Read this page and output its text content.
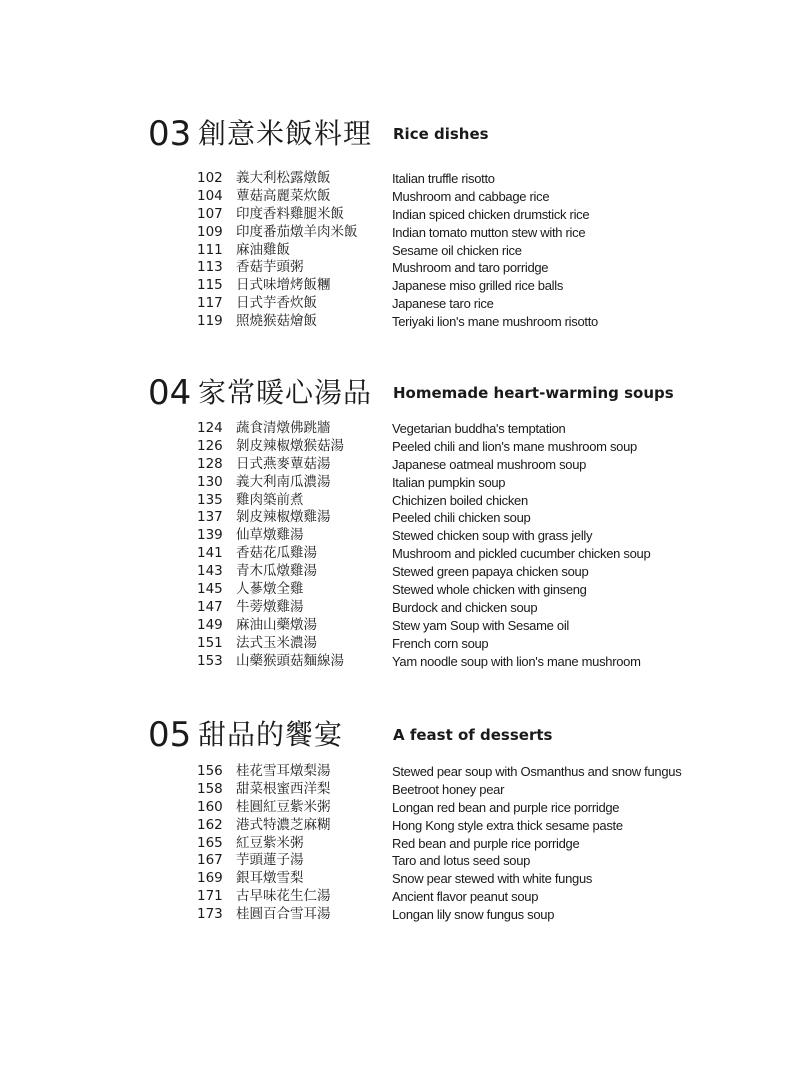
03 創意米飯料理 Rice dishes
102 義大利松露燉飯	Italian truffle risotto
104 蕈菇高麗菜炊飯	Mushroom and cabbage rice
107 印度香料雞腿米飯	Indian spiced chicken drumstick rice
109 印度番茄燉羊肉米飯	Indian tomato mutton stew with rice
111 麻油雞飯	Sesame oil chicken rice
113 香菇芋頭粥	Mushroom and taro porridge
115 日式味增烤飯糰	Japanese miso grilled rice balls
117 日式芋香炊飯	Japanese taro rice
119 照燒猴菇燴飯	Teriyaki lion's mane mushroom risotto
04 家常暖心湯品 Homemade heart-warming soups
124 蔬食清燉佛跳牆	Vegetarian buddha's temptation
126 剝皮辣椒燉猴菇湯	Peeled chili and lion's mane mushroom soup
128 日式燕麥蕈菇湯	Japanese oatmeal mushroom soup
130 義大利南瓜濃湯	Italian pumpkin soup
135 雞肉築前煮	Chichizen boiled chicken
137 剝皮辣椒燉雞湯	Peeled chili chicken soup
139 仙草燉雞湯	Stewed chicken soup with grass jelly
141 香菇花瓜雞湯	Mushroom and pickled cucumber chicken soup
143 青木瓜燉雞湯	Stewed green papaya chicken soup
145 人蔘燉全雞	Stewed whole chicken with ginseng
147 牛蒡燉雞湯	Burdock and chicken soup
149 麻油山藥燉湯	Stew yam Soup with Sesame oil
151 法式玉米濃湯	French corn soup
153 山藥猴頭菇麵線湯	Yam noodle soup with lion's mane mushroom
05 甜品的饗宴	A feast of desserts
156 桂花雪耳燉梨湯	Stewed pear soup with Osmanthus and snow fungus
158 甜菜根蜜西洋梨	Beetroot honey pear
160 桂圓紅豆紫米粥	Longan red bean and purple rice porridge
162 港式特濃芝麻糊	Hong Kong style extra thick sesame paste
165 紅豆紫米粥	Red bean and purple rice porridge
167 芋頭蓮子湯	Taro and lotus seed soup
169 銀耳燉雪梨	Snow pear stewed with white fungus
171 古早味花生仁湯	Ancient flavor peanut soup
173 桂圓百合雪耳湯	Longan lily snow fungus soup
